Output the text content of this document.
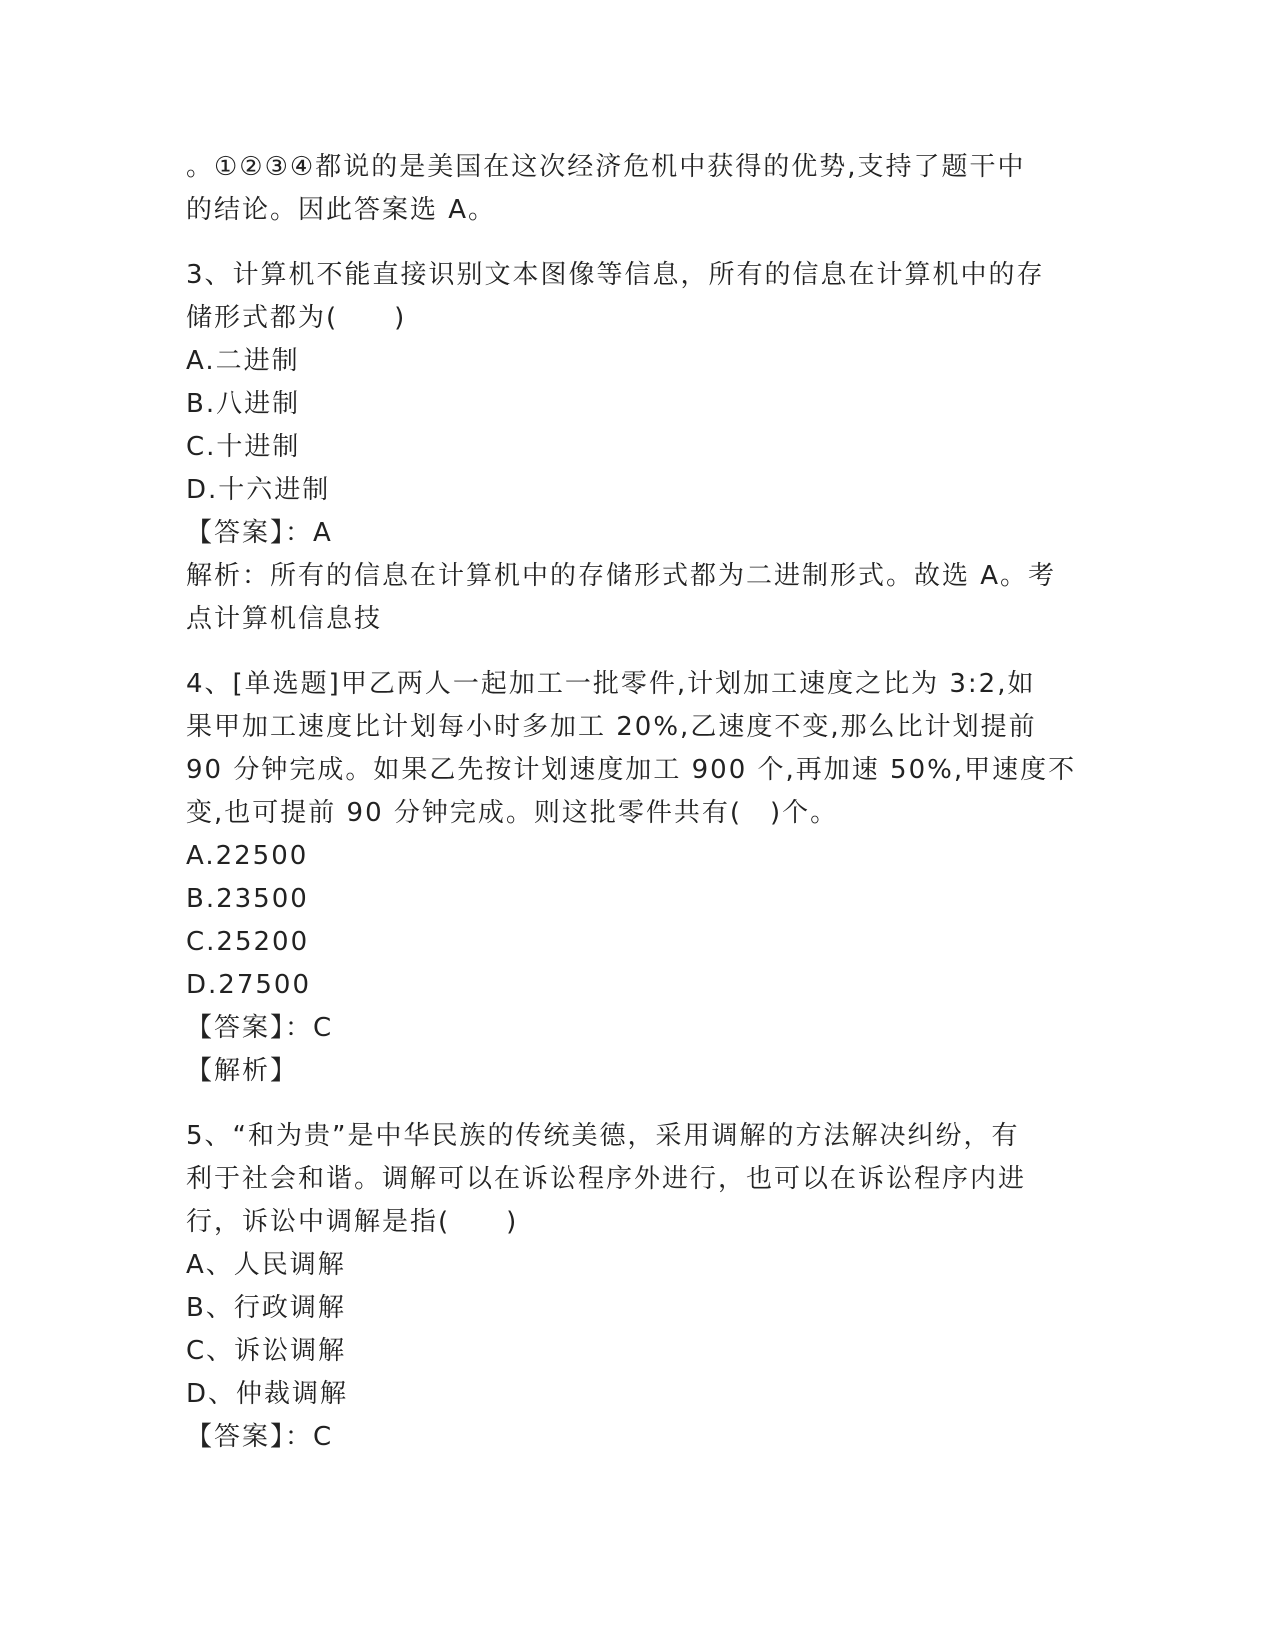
。①②③④都说的是美国在这次经济危机中获得的优势,支持了题干中

的结论。因此答案选 A。

3、计算机不能直接识别文本图像等信息，所有的信息在计算机中的存

储形式都为(　　)

A.二进制

B.八进制

C.十进制

D.十六进制

【答案】：A

解析：所有的信息在计算机中的存储形式都为二进制形式。故选 A。考

点计算机信息技

4、[单选题]甲乙两人一起加工一批零件,计划加工速度之比为 3:2,如

果甲加工速度比计划每小时多加工 20%,乙速度不变,那么比计划提前

90 分钟完成。如果乙先按计划速度加工 900 个,再加速 50%,甲速度不

变,也可提前 90 分钟完成。则这批零件共有(　)个。

A.22500

B.23500

C.25200

D.27500

【答案】：C

【解析】

5、“和为贵”是中华民族的传统美德，采用调解的方法解决纠纷，有

利于社会和谐。调解可以在诉讼程序外进行，也可以在诉讼程序内进

行，诉讼中调解是指(　　)

A、人民调解

B、行政调解

C、诉讼调解

D、仲裁调解

【答案】：C
